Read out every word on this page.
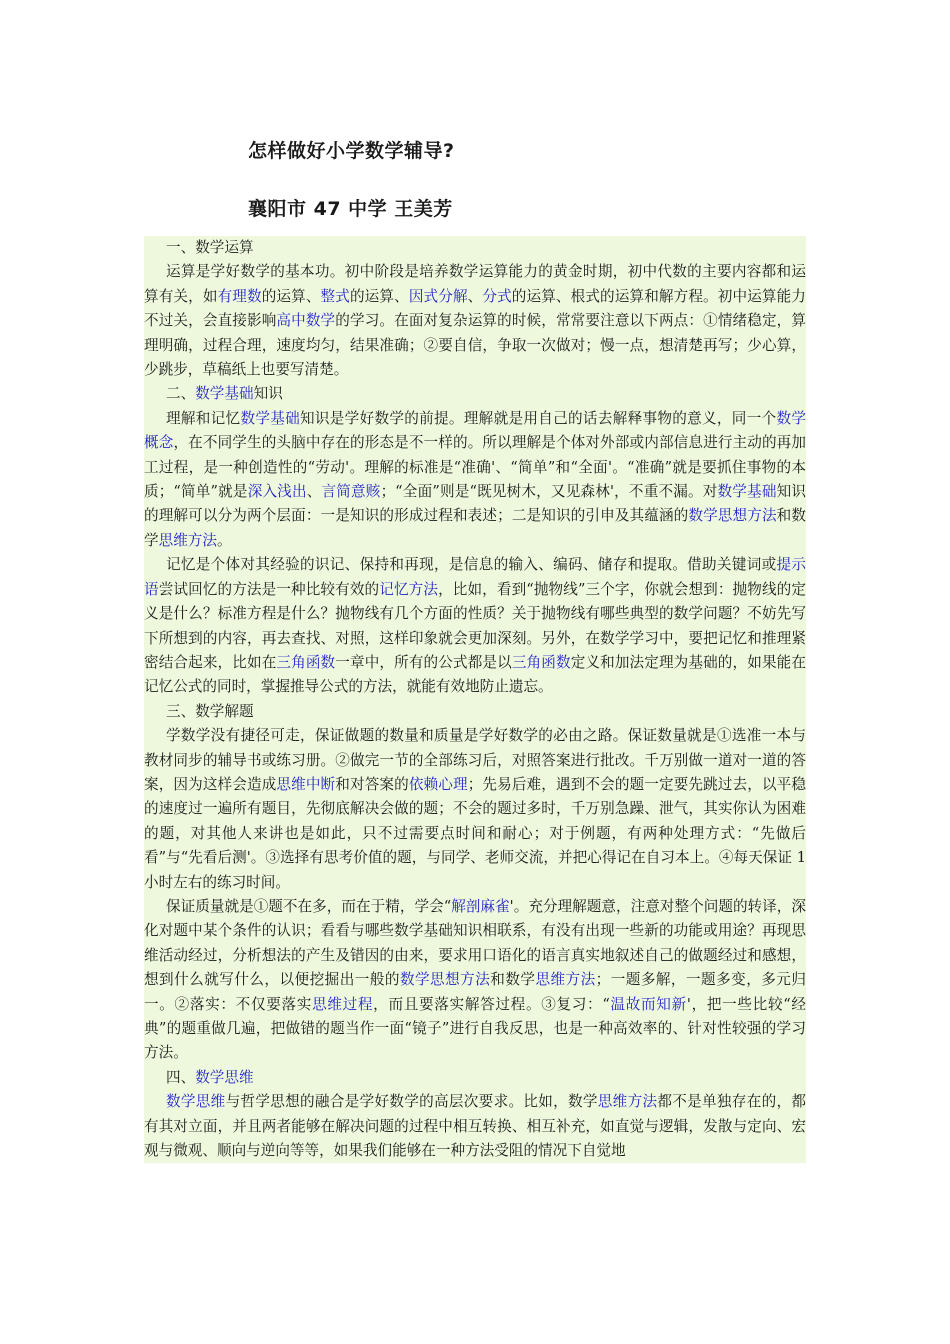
怎样做好小学数学辅导?
襄阳市 47 中学 王美芳

一、数学运算

运算是学好数学的基本功。初中阶段是培养数学运算能力的黄金时期，初中代数的主要内容都和运算有关，如有理数的运算、整式的运算、因式分解、分式的运算、根式的运算和解方程。初中运算能力不过关，会直接影响高中数学的学习。在面对复杂运算的时候，常常要注意以下两点：①情绪稳定，算理明确，过程合理，速度均匀，结果准确；②要自信，争取一次做对；慢一点，想清楚再写；少心算，少跳步，草稿纸上也要写清楚。

二、数学基础知识

理解和记忆数学基础知识是学好数学的前提。理解就是用自己的话去解释事物的意义，同一个数学概念，在不同学生的头脑中存在的形态是不一样的。所以理解是个体对外部或内部信息进行主动的再加工过程，是一种创造性的“劳动'。理解的标准是“准确'、“简单”和“全面'。“准确”就是要抓住事物的本质；“简单”就是深入浅出、言简意赅；“全面”则是“既见树木，又见森林'，不重不漏。对数学基础知识的理解可以分为两个层面：一是知识的形成过程和表述；二是知识的引申及其蕴涵的数学思想方法和数学思维方法。

记忆是个体对其经验的识记、保持和再现，是信息的输入、编码、储存和提取。借助关键词或提示语尝试回忆的方法是一种比较有效的记忆方法，比如，看到“抛物线”三个字，你就会想到：抛物线的定义是什么？标准方程是什么？抛物线有几个方面的性质？关于抛物线有哪些典型的数学问题？不妨先写下所想到的内容，再去查找、对照，这样印象就会更加深刻。另外，在数学学习中，要把记忆和推理紧密结合起来，比如在三角函数一章中，所有的公式都是以三角函数定义和加法定理为基础的，如果能在记忆公式的同时，掌握推导公式的方法，就能有效地防止遗忘。

三、数学解题

学数学没有捷径可走，保证做题的数量和质量是学好数学的必由之路。保证数量就是①选准一本与教材同步的辅导书或练习册。②做完一节的全部练习后，对照答案进行批改。千万别做一道对一道的答案，因为这样会造成思维中断和对答案的依赖心理；先易后难，遇到不会的题一定要先跳过去，以平稳的速度过一遍所有题目，先彻底解决会做的题；不会的题过多时，千万别急躁、泄气，其实你认为困难的题，对其他人来讲也是如此，只不过需要点时间和耐心；对于例题，有两种处理方式：“先做后看”与“先看后测'。③选择有思考价值的题，与同学、老师交流，并把心得记在自习本上。④每天保证 1 小时左右的练习时间。

保证质量就是①题不在多，而在于精，学会“解剖麻雀'。充分理解题意，注意对整个问题的转译，深化对题中某个条件的认识；看看与哪些数学基础知识相联系，有没有出现一些新的功能或用途？再现思维活动经过，分析想法的产生及错因的由来，要求用口语化的语言真实地叙述自己的做题经过和感想，想到什么就写什么，以便挖掘出一般的数学思想方法和数学思维方法；一题多解，一题多变，多元归一。②落实：不仅要落实思维过程，而且要落实解答过程。③复习：“温故而知新'，把一些比较“经典”的题重做几遍，把做错的题当作一面“镜子”进行自我反思，也是一种高效率的、针对性较强的学习方法。

四、数学思维

数学思维与哲学思想的融合是学好数学的高层次要求。比如，数学思维方法都不是单独存在的，都有其对立面，并且两者能够在解决问题的过程中相互转换、相互补充，如直觉与逻辑，发散与定向、宏观与微观、顺向与逆向等等，如果我们能够在一种方法受阻的情况下自觉地
